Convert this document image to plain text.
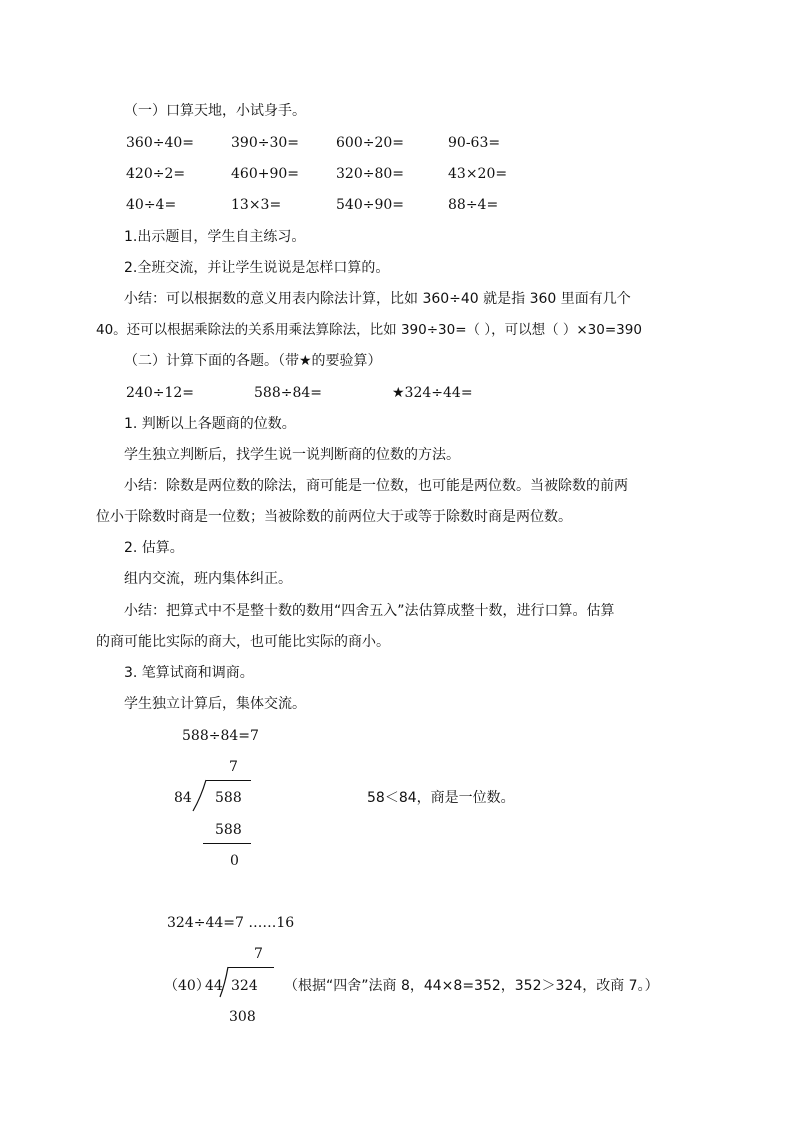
（一）口算天地，小试身手。
360÷40=	390÷30=	600÷20=	90-63=
420÷2=	460+90=	320÷80=	43×20=
40÷4=	13×3=	540÷90=	88÷4=
1.出示题目，学生自主练习。
2.全班交流，并让学生说说是怎样口算的。
小结：可以根据数的意义用表内除法计算，比如 360÷40 就是指 360 里面有几个
40。还可以根据乘除法的关系用乘法算除法，比如 390÷30=（ ），可以想（ ）×30=390
（二）计算下面的各题。（带★的要验算）
240÷12=	588÷84=	★324÷44=
1. 判断以上各题商的位数。
学生独立判断后，找学生说一说判断商的位数的方法。
小结：除数是两位数的除法，商可能是一位数，也可能是两位数。当被除数的前两
位小于除数时商是一位数；当被除数的前两位大于或等于除数时商是两位数。
2. 估算。
组内交流，班内集体纠正。
小结：把算式中不是整十数的数用“四舍五入”法估算成整十数，进行口算。估算
的商可能比实际的商大，也可能比实际的商小。
3. 笔算试商和调商。
学生独立计算后，集体交流。
588÷84=7
7
84 588
588
0
58＜84，商是一位数。
324÷44=7 ……16
7
（40）
44 324
308
（根据“四舍”法商 8，44×8=352，352＞324，改商 7。）
